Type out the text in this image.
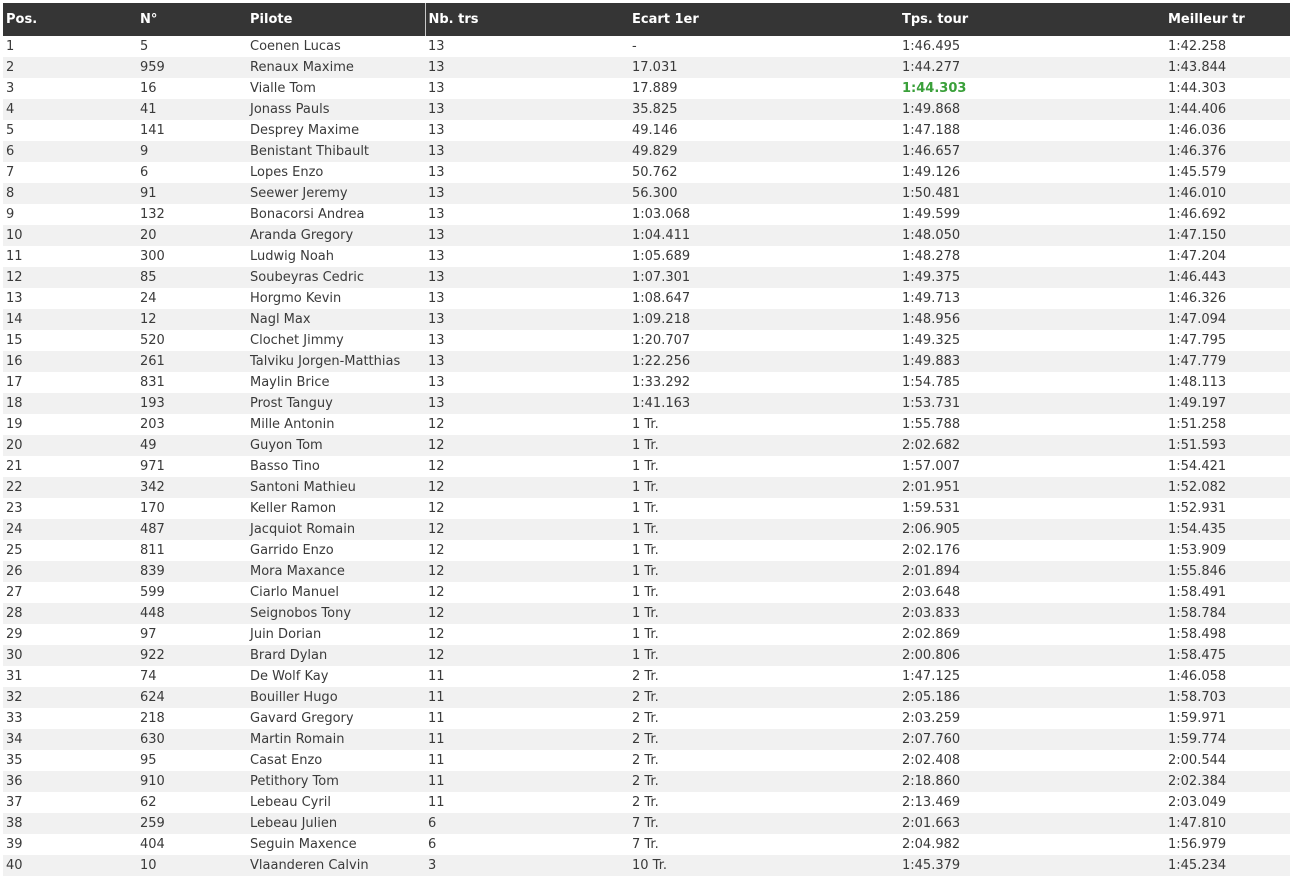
Pos.	N°	Pilote	Nb. trs	Ecart 1er	Tps. tour	Meilleur tr
1	5	Coenen Lucas	13	-	1:46.495	1:42.258
2	959	Renaux Maxime	13	17.031	1:44.277	1:43.844
3	16	Vialle Tom	13	17.889	1:44.303	1:44.303
4	41	Jonass Pauls	13	35.825	1:49.868	1:44.406
5	141	Desprey Maxime	13	49.146	1:47.188	1:46.036
6	9	Benistant Thibault	13	49.829	1:46.657	1:46.376
7	6	Lopes Enzo	13	50.762	1:49.126	1:45.579
8	91	Seewer Jeremy	13	56.300	1:50.481	1:46.010
9	132	Bonacorsi Andrea	13	1:03.068	1:49.599	1:46.692
10	20	Aranda Gregory	13	1:04.411	1:48.050	1:47.150
11	300	Ludwig Noah	13	1:05.689	1:48.278	1:47.204
12	85	Soubeyras Cedric	13	1:07.301	1:49.375	1:46.443
13	24	Horgmo Kevin	13	1:08.647	1:49.713	1:46.326
14	12	Nagl Max	13	1:09.218	1:48.956	1:47.094
15	520	Clochet Jimmy	13	1:20.707	1:49.325	1:47.795
16	261	Talviku Jorgen-Matthias	13	1:22.256	1:49.883	1:47.779
17	831	Maylin Brice	13	1:33.292	1:54.785	1:48.113
18	193	Prost Tanguy	13	1:41.163	1:53.731	1:49.197
19	203	Mille Antonin	12	1 Tr.	1:55.788	1:51.258
20	49	Guyon Tom	12	1 Tr.	2:02.682	1:51.593
21	971	Basso Tino	12	1 Tr.	1:57.007	1:54.421
22	342	Santoni Mathieu	12	1 Tr.	2:01.951	1:52.082
23	170	Keller Ramon	12	1 Tr.	1:59.531	1:52.931
24	487	Jacquiot Romain	12	1 Tr.	2:06.905	1:54.435
25	811	Garrido Enzo	12	1 Tr.	2:02.176	1:53.909
26	839	Mora Maxance	12	1 Tr.	2:01.894	1:55.846
27	599	Ciarlo Manuel	12	1 Tr.	2:03.648	1:58.491
28	448	Seignobos Tony	12	1 Tr.	2:03.833	1:58.784
29	97	Juin Dorian	12	1 Tr.	2:02.869	1:58.498
30	922	Brard Dylan	12	1 Tr.	2:00.806	1:58.475
31	74	De Wolf Kay	11	2 Tr.	1:47.125	1:46.058
32	624	Bouiller Hugo	11	2 Tr.	2:05.186	1:58.703
33	218	Gavard Gregory	11	2 Tr.	2:03.259	1:59.971
34	630	Martin Romain	11	2 Tr.	2:07.760	1:59.774
35	95	Casat Enzo	11	2 Tr.	2:02.408	2:00.544
36	910	Petithory Tom	11	2 Tr.	2:18.860	2:02.384
37	62	Lebeau Cyril	11	2 Tr.	2:13.469	2:03.049
38	259	Lebeau Julien	6	7 Tr.	2:01.663	1:47.810
39	404	Seguin Maxence	6	7 Tr.	2:04.982	1:56.979
40	10	Vlaanderen Calvin	3	10 Tr.	1:45.379	1:45.234
